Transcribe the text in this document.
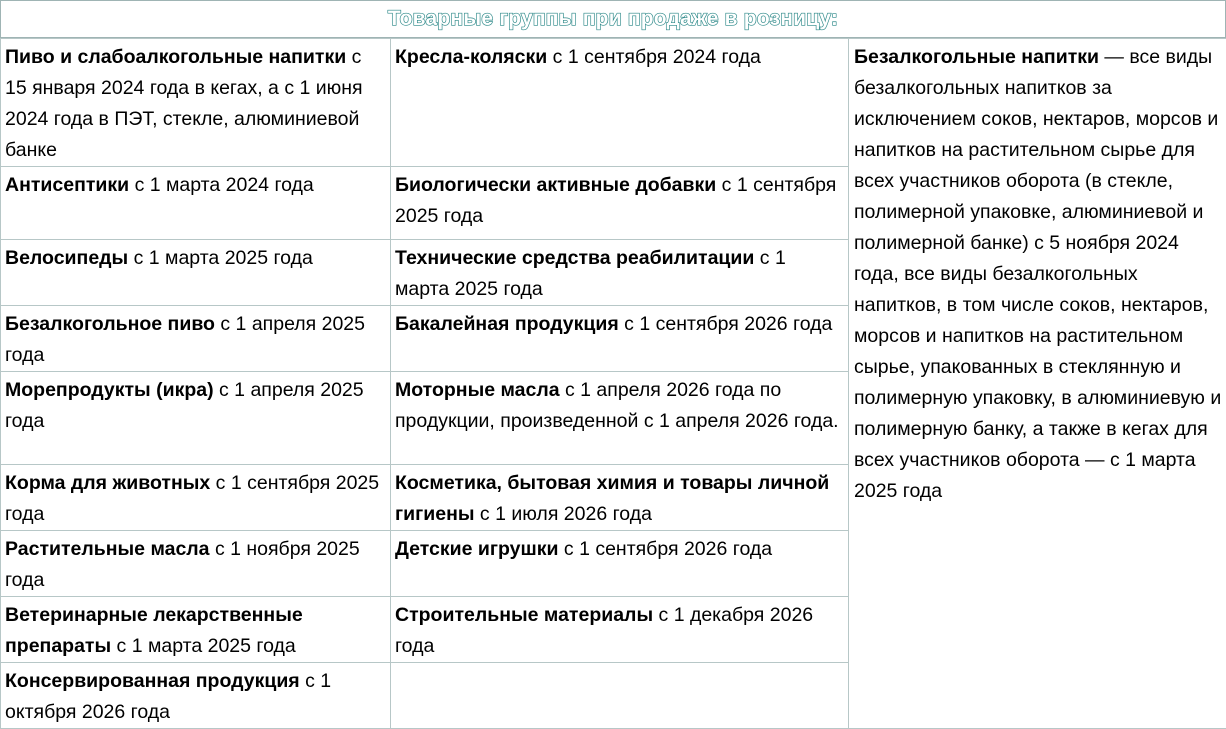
Товарные группы при продаже в розницу:
Пиво и слабоалкогольные напитки с 15 января 2024 года в кегах, а с 1 июня 2024 года в ПЭТ, стекле, алюминиевой банке	Кресла-коляски с 1 сентября 2024 года	Безалкогольные напитки — все виды безалкогольных напитков за исключением соков, нектаров, морсов и напитков на растительном сырье для всех участников оборота (в стекле, полимерной упаковке, алюминиевой и полимерной банке) с 5 ноября 2024 года, все виды безалкогольных напитков, в том числе соков, нектаров, морсов и напитков на растительном сырье, упакованных в стеклянную и полимерную упаковку, в алюминиевую и полимерную банку, а также в кегах для всех участников оборота — с 1 марта 2025 года
Антисептики с 1 марта 2024 года	Биологически активные добавки с 1 сентября 2025 года	
Велосипеды с 1 марта 2025 года	Технические средства реабилитации с 1 марта 2025 года	
Безалкогольное пиво с 1 апреля 2025 года	Бакалейная продукция с 1 сентября 2026 года	
Морепродукты (икра) с 1 апреля 2025 года	Моторные масла с 1 апреля 2026 года по продукции, произведенной с 1 апреля 2026 года.	
Корма для животных с 1 сентября 2025 года	Косметика, бытовая химия и товары личной гигиены с 1 июля 2026 года	
Растительные масла с 1 ноября 2025 года	Детские игрушки с 1 сентября 2026 года	
Ветеринарные лекарственные препараты с 1 марта 2025 года	Строительные материалы с 1 декабря 2026 года	
Консервированная продукция с 1 октября 2026 года		
